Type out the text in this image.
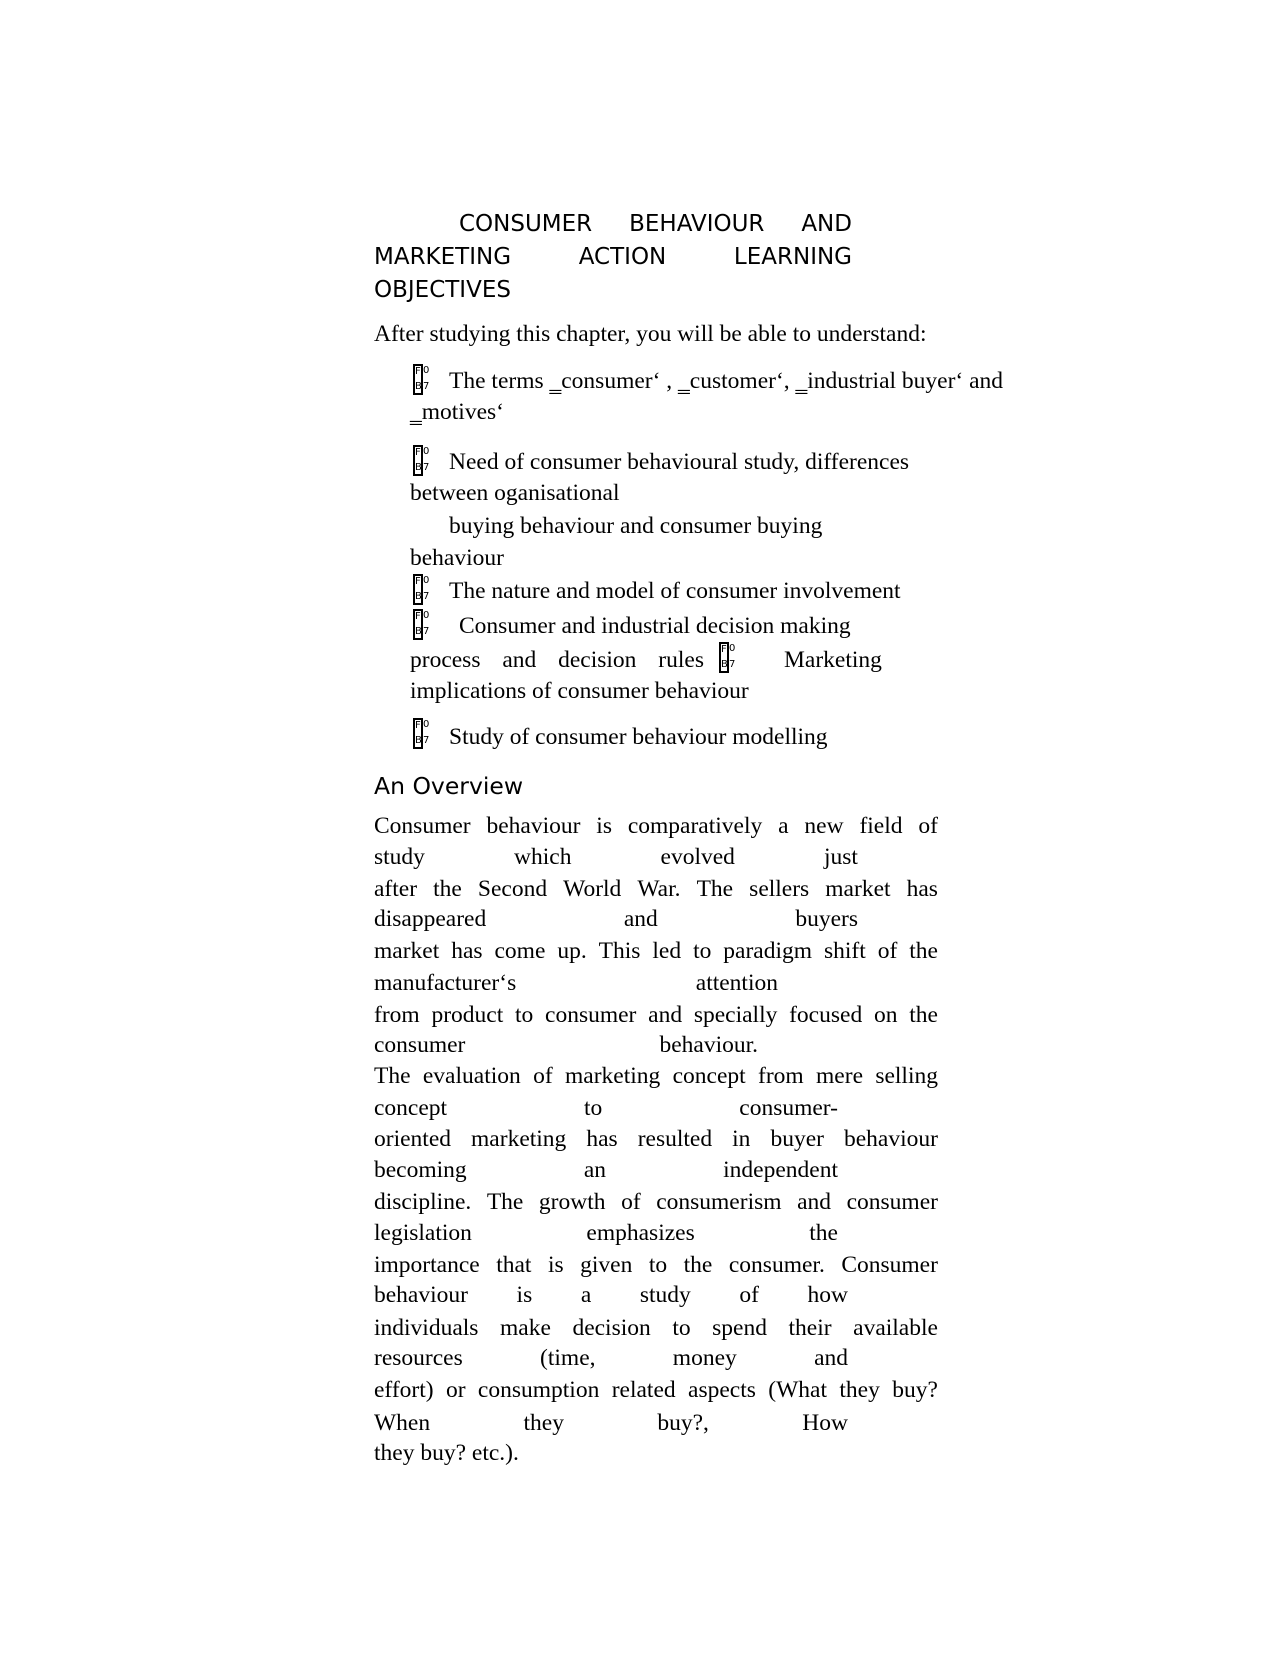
CONSUMER BEHAVIOUR AND
MARKETING	ACTION	LEARNING
OBJECTIVES
After studying this chapter, you will be able to understand:
F 0
B 7 The terms ‗consumer‘ , ‗customer‘, ‗industrial buyer‘ and
‗motives‘
F 0
B 7 Need of consumer behavioural study, differences
between oganisational
buying behaviour and consumer buying
behaviour
F 0
B 7 The nature and model of consumer involvement
F 0
B 7 Consumer and industrial decision making
process and decision rules F 0
B 7 Marketing
implications of consumer behaviour
F 0
B 7 Study of consumer behaviour modelling
An Overview
Consumer behaviour is comparatively a new field of
study	which	evolved	just
after the Second World War. The sellers market has
disappeared	and	buyers
market has come up. This led to paradigm shift of the
manufacturer‘s	attention
from product to consumer and specially focused on the
consumer	behaviour.
The evaluation of marketing concept from mere selling
concept	to	consumer-
oriented marketing has resulted in buyer behaviour
becoming	an	independent
discipline. The growth of consumerism and consumer
legislation	emphasizes	the
importance that is given to the consumer. Consumer
behaviour is a study of how
individuals make decision to spend their available
resources	(time,	money	and
effort) or consumption related aspects (What they buy?
When	they	buy?,	How
they buy? etc.).
